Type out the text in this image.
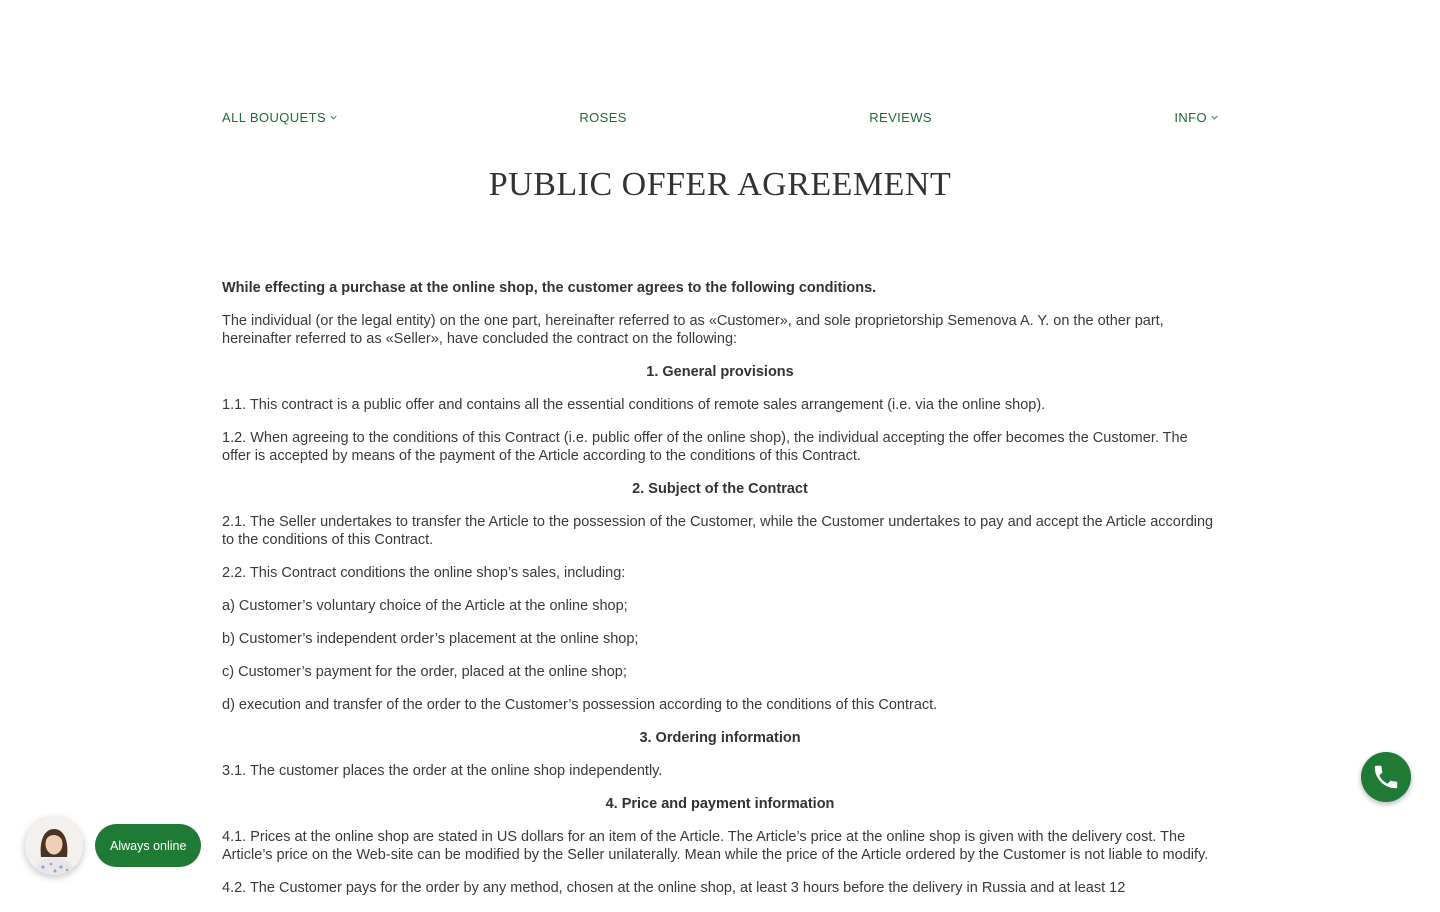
ALL BOUQUETS	ROSES	REVIEWS	INFO
PUBLIC OFFER AGREEMENT

While effecting a purchase at the online shop, the customer agrees to the following conditions.

The individual (or the legal entity) on the one part, hereinafter referred to as «Customer», and sole proprietorship Semenova A. Y. on the other part, hereinafter referred to as «Seller», have concluded the contract on the following:

1. General provisions

1.1. This contract is a public offer and contains all the essential conditions of remote sales arrangement (i.e. via the online shop).

1.2. When agreeing to the conditions of this Contract (i.e. public offer of the online shop), the individual accepting the offer becomes the Customer. The offer is accepted by means of the payment of the Article according to the conditions of this Contract.

2. Subject of the Contract

2.1. The Seller undertakes to transfer the Article to the possession of the Customer, while the Customer undertakes to pay and accept the Article according to the conditions of this Contract.

2.2. This Contract conditions the online shop’s sales, including:

a) Customer’s voluntary choice of the Article at the online shop;

b) Customer’s independent order’s placement at the online shop;

c) Customer’s payment for the order, placed at the online shop;

d) execution and transfer of the order to the Customer’s possession according to the conditions of this Contract.

3. Ordering information

3.1. The customer places the order at the online shop independently.

4. Price and payment information

4.1. Prices at the online shop are stated in US dollars for an item of the Article. The Article’s price at the online shop is given with the delivery cost. The Article’s price on the Web-site can be modified by the Seller unilaterally. Mean while the price of the Article ordered by the Customer is not liable to modify.

4.2. The Customer pays for the order by any method, chosen at the online shop, at least 3 hours before the delivery in Russia and at least 12

Always online
